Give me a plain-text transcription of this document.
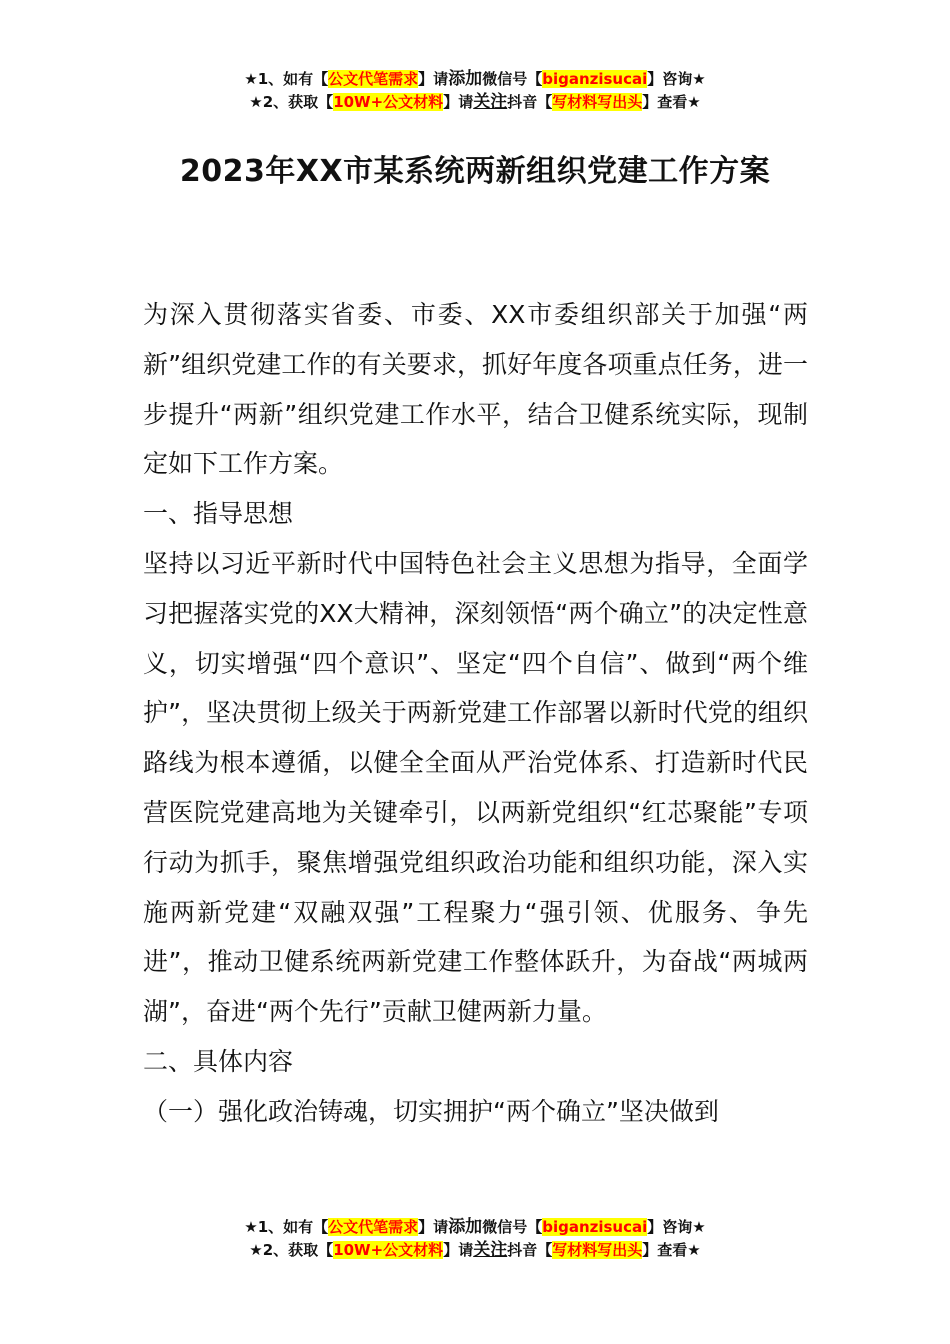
★1、如有【公文代笔需求】请添加微信号【biganzisucai】咨询★
★2、获取【10W+公文材料】请关注抖音【写材料写出头】查看★
2023年XX市某系统两新组织党建工作方案

为深入贯彻落实省委、市委、XX市委组织部关于加强“两新”组织党建工作的有关要求，抓好年度各项重点任务，进一步提升“两新”组织党建工作水平，结合卫健系统实际，现制定如下工作方案。

一、指导思想

坚持以习近平新时代中国特色社会主义思想为指导，全面学习把握落实党的XX大精神，深刻领悟“两个确立”的决定性意义，切实增强“四个意识”、坚定“四个自信”、做到“两个维护”，坚决贯彻上级关于两新党建工作部署以新时代党的组织路线为根本遵循，以健全全面从严治党体系、打造新时代民营医院党建高地为关键牵引，以两新党组织“红芯聚能”专项行动为抓手，聚焦增强党组织政治功能和组织功能，深入实施两新党建“双融双强”工程聚力“强引领、优服务、争先进”，推动卫健系统两新党建工作整体跃升，为奋战“两城两湖”，奋进“两个先行”贡献卫健两新力量。

二、具体内容

（一）强化政治铸魂，切实拥护“两个确立”坚决做到

★1、如有【公文代笔需求】请添加微信号【biganzisucai】咨询★
★2、获取【10W+公文材料】请关注抖音【写材料写出头】查看★
